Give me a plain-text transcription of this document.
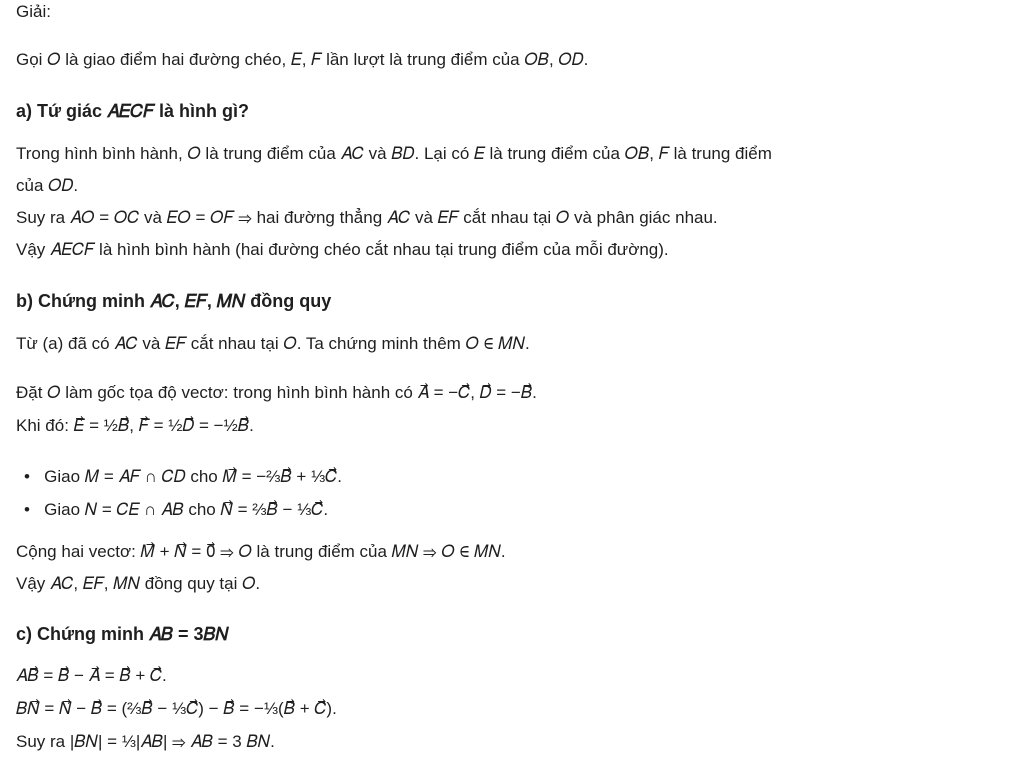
Giải:
Gọi 𝑂 là giao điểm hai đường chéo, 𝐸, 𝐹 lần lượt là trung điểm của 𝑂𝐵, 𝑂𝐷.
a) Tứ giác 𝐴𝐸𝐶𝐹 là hình gì?
Trong hình bình hành, 𝑂 là trung điểm của 𝐴𝐶 và 𝐵𝐷. Lại có 𝐸 là trung điểm của 𝑂𝐵, 𝐹 là trung điểm
của 𝑂𝐷.
Suy ra 𝐴𝑂 = 𝑂𝐶 và 𝐸𝑂 = 𝑂𝐹 ⇒ hai đường thẳng 𝐴𝐶 và 𝐸𝐹 cắt nhau tại 𝑂 và phân giác nhau.
Vậy 𝐴𝐸𝐶𝐹 là hình bình hành (hai đường chéo cắt nhau tại trung điểm của mỗi đường).
b) Chứng minh 𝐴𝐶, 𝐸𝐹, 𝑀𝑁 đồng quy
Từ (a) đã có 𝐴𝐶 và 𝐸𝐹 cắt nhau tại 𝑂. Ta chứng minh thêm 𝑂 ∈ 𝑀𝑁.
Đặt 𝑂 làm gốc tọa độ vectơ: trong hình bình hành có 𝐴⃗ = −𝐶⃗, 𝐷⃗ = −𝐵⃗.
Khi đó: 𝐸⃗ = ½𝐵⃗, 𝐹⃗ = ½𝐷⃗ = −½𝐵⃗.
• Giao 𝑀 = 𝐴𝐹 ∩ 𝐶𝐷 cho 𝑀⃗ = −⅔𝐵⃗ + ⅓𝐶⃗.
• Giao 𝑁 = 𝐶𝐸 ∩ 𝐴𝐵 cho 𝑁⃗ = ⅔𝐵⃗ − ⅓𝐶⃗.
Cộng hai vectơ: 𝑀⃗ + 𝑁⃗ = 0⃗ ⇒ 𝑂 là trung điểm của 𝑀𝑁 ⇒ 𝑂 ∈ 𝑀𝑁.
Vậy 𝐴𝐶, 𝐸𝐹, 𝑀𝑁 đồng quy tại 𝑂.
c) Chứng minh 𝐴𝐵 = 3𝐵𝑁
𝐴𝐵⃗ = 𝐵⃗ − 𝐴⃗ = 𝐵⃗ + 𝐶⃗.
𝐵𝑁⃗ = 𝑁⃗ − 𝐵⃗ = (⅔𝐵⃗ − ⅓𝐶⃗) − 𝐵⃗ = −⅓(𝐵⃗ + 𝐶⃗).
Suy ra |𝐵𝑁| = ⅓|𝐴𝐵| ⇒ 𝐴𝐵 = 3 𝐵𝑁.
